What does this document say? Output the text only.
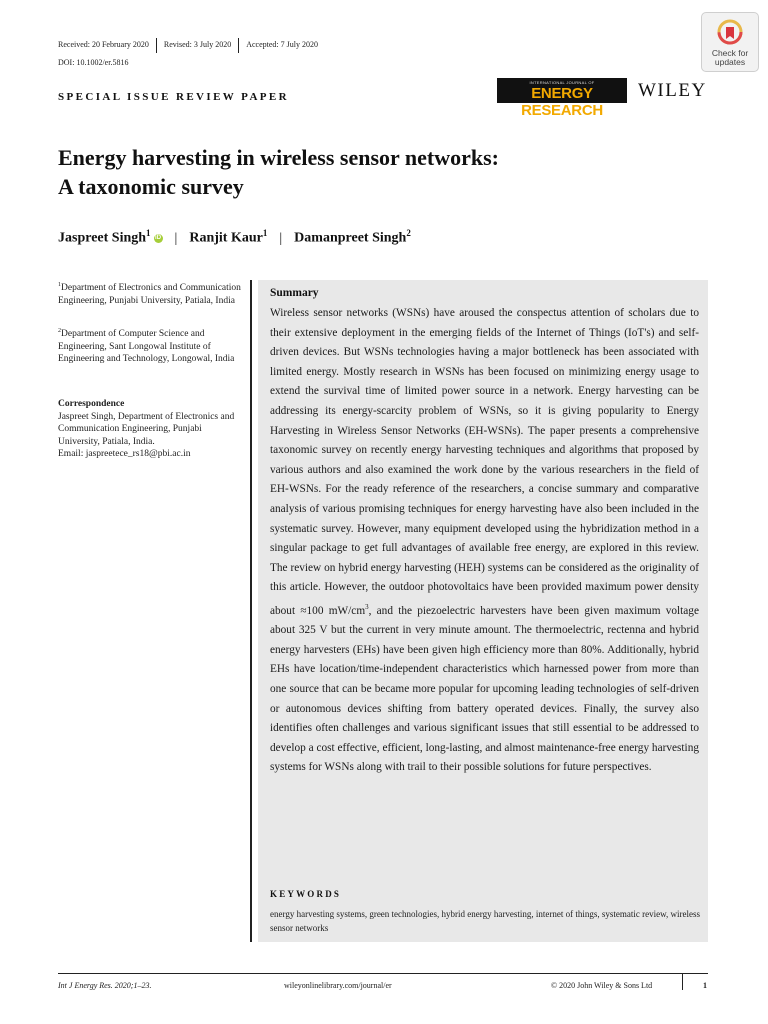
Received: 20 February 2020 Revised: 3 July 2020 Accepted: 7 July 2020
DOI: 10.1002/er.5816
Check for
updates
SPECIAL ISSUE REVIEW PAPER
INTERNATIONAL JOURNAL OF
ENERGY RESEARCH
WILEY
Energy harvesting in wireless sensor networks:
A taxonomic survey
Jaspreet Singh$^1$ iD | Ranjit Kaur$^1$ | Damanpreet Singh$^2$
$^1$Department of Electronics and Communication Engineering, Punjabi University, Patiala, India
$^2$Department of Computer Science and Engineering, Sant Longowal Institute of Engineering and Technology, Longowal, India
Correspondence
Jaspreet Singh, Department of Electronics and Communication Engineering, Punjabi University, Patiala, India.
Email: jaspreetece_rs18@pbi.ac.in
Summary
Wireless sensor networks (WSNs) have aroused the conspectus attention of scholars due to their extensive deployment in the emerging fields of the Internet of Things (IoT's) and self-driven devices. But WSNs technologies having a major bottleneck has been associated with limited energy. Mostly research in WSNs has been focused on minimizing energy usage to extend the survival time of limited power source in a network. Energy harvesting can be addressing its energy-scarcity problem of WSNs, so it is giving popularity to Energy Harvesting in Wireless Sensor Networks (EH-WSNs). The paper presents a comprehensive taxonomic survey on recently energy harvesting techniques and algorithms that proposed by various authors and also examined the work done by the various researchers in the field of EH-WSNs. For the ready reference of the researchers, a concise summary and comparative analysis of various promising techniques for energy harvesting have also been included in the systematic survey. However, many equipment developed using the hybridization method in a singular package to get full advantages of available free energy, are explored in this review. The review on hybrid energy harvesting (HEH) systems can be considered as the originality of this article. However, the outdoor photovoltaics have been provided maximum power density about ≈100 $mW/cm^3$, and the piezoelectric harvesters have been given maximum voltage about 325 V but the current in very minute amount. The thermoelectric, rectenna and hybrid energy harvesters (EHs) have been given high efficiency more than 80%. Additionally, hybrid EHs have location/time-independent characteristics which harnessed power from more than one source that can be became more popular for upcoming leading technologies of self-driven or autonomous devices shifting from battery operated devices. Finally, the survey also identifies often challenges and various significant issues that still essential to be addressed to develop a cost effective, efficient, long-lasting, and almost maintenance-free energy harvesting systems for WSNs along with trail to their possible solutions for future perspectives.
KEYWORDS
energy harvesting systems, green technologies, hybrid energy harvesting, internet of things, systematic review, wireless sensor networks
Int J Energy Res. 2020;1–23.	wileyonlinelibrary.com/journal/er	© 2020 John Wiley & Sons Ltd	1
